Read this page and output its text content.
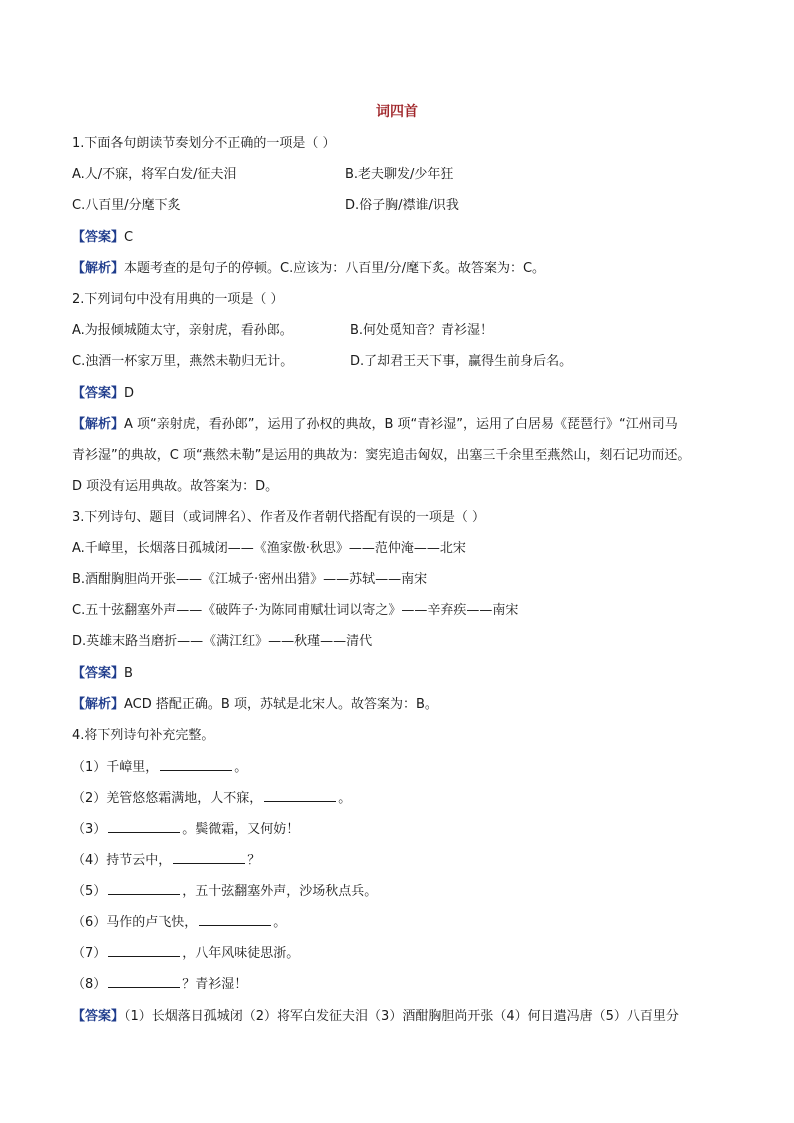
词四首
1.下面各句朗读节奏划分不正确的一项是（ ）
A.人/不寐，将军白发/征夫泪	B.老夫聊发/少年狂
C.八百里/分麾下炙	D.俗子胸/襟谁/识我
【答案】C
【解析】本题考查的是句子的停顿。C.应该为：八百里/分/麾下炙。故答案为：C。
2.下列词句中没有用典的一项是（ ）
A.为报倾城随太守，亲射虎，看孙郎。	B.何处觅知音？青衫湿！
C.浊酒一杯家万里，燕然未勒归无计。	D.了却君王天下事，赢得生前身后名。
【答案】D
【解析】A 项“亲射虎，看孙郎”，运用了孙权的典故，B 项“青衫湿”，运用了白居易《琵琶行》“江州司马
青衫湿”的典故，C 项“燕然未勒”是运用的典故为：窦宪追击匈奴，出塞三千余里至燕然山，刻石记功而还。
D 项没有运用典故。故答案为：D。
3.下列诗句、题目（或词牌名）、作者及作者朝代搭配有误的一项是（ ）
A.千嶂里，长烟落日孤城闭——《渔家傲·秋思》——范仲淹——北宋
B.酒酣胸胆尚开张——《江城子·密州出猎》——苏轼——南宋
C.五十弦翻塞外声——《破阵子·为陈同甫赋壮词以寄之》——辛弃疾——南宋
D.英雄末路当磨折——《满江红》——秋瑾——清代
【答案】B
【解析】ACD 搭配正确。B 项，苏轼是北宋人。故答案为：B。
4.将下列诗句补充完整。
（1）千嶂里，	。
（2）羌管悠悠霜满地，人不寐，	。
（3）	。鬓微霜，又何妨！
（4）持节云中，	？
（5）	，五十弦翻塞外声，沙场秋点兵。
（6）马作的卢飞快，	。
（7）	，八年风味徒思浙。
（8）	？青衫湿！
【答案】（1）长烟落日孤城闭（2）将军白发征夫泪（3）酒酣胸胆尚开张（4）何日遣冯唐（5）八百里分
